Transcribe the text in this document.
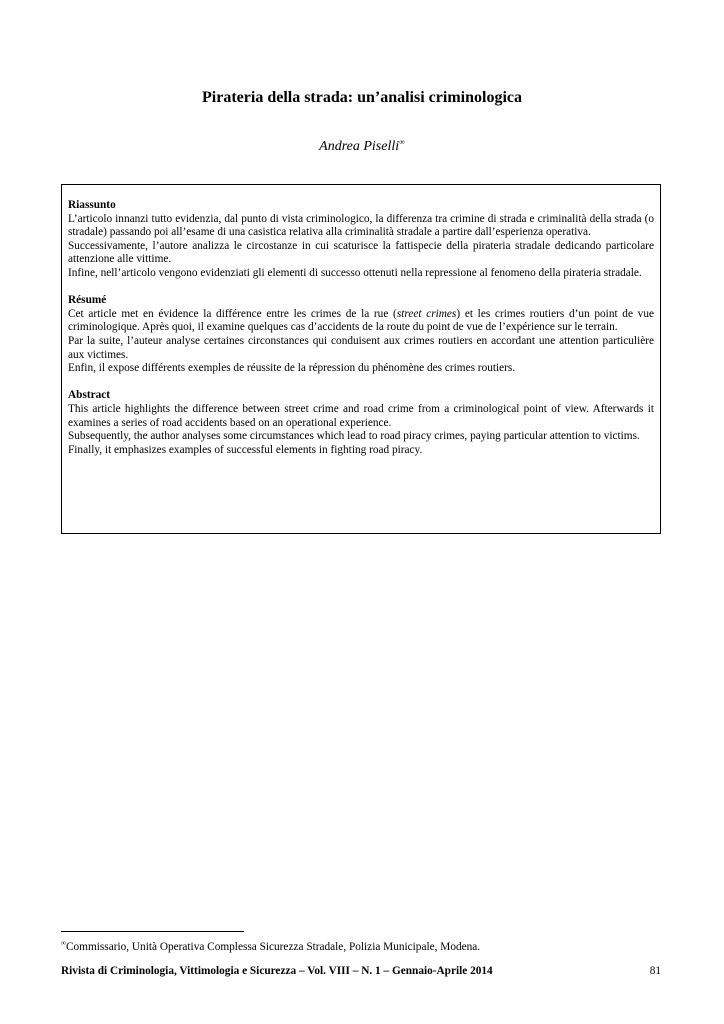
Pirateria della strada: un’analisi criminologica
Andrea Piselli∞
Riassunto
L’articolo innanzi tutto evidenzia, dal punto di vista criminologico, la differenza tra crimine di strada e criminalità della strada (o stradale) passando poi all’esame di una casistica relativa alla criminalità stradale a partire dall’esperienza operativa.
Successivamente, l’autore analizza le circostanze in cui scaturisce la fattispecie della pirateria stradale dedicando particolare attenzione alle vittime.
Infine, nell’articolo vengono evidenziati gli elementi di successo ottenuti nella repressione al fenomeno della pirateria stradale.
Résumé
Cet article met en évidence la différence entre les crimes de la rue (street crimes) et les crimes routiers d’un point de vue criminologique. Après quoi, il examine quelques cas d’accidents de la route du point de vue de l’expérience sur le terrain.
Par la suite, l’auteur analyse certaines circonstances qui conduisent aux crimes routiers en accordant une attention particulière aux victimes.
Enfin, il expose différents exemples de réussite de la répression du phénomène des crimes routiers.
Abstract
This article highlights the difference between street crime and road crime from a criminological point of view. Afterwards it examines a series of road accidents based on an operational experience.
Subsequently, the author analyses some circumstances which lead to road piracy crimes, paying particular attention to victims.
Finally, it emphasizes examples of successful elements in fighting road piracy.
∞Commissario, Unità Operativa Complessa Sicurezza Stradale, Polizia Municipale, Modena.
Rivista di Criminologia, Vittimologia e Sicurezza – Vol. VIII – N. 1 – Gennaio-Aprile 2014	81
